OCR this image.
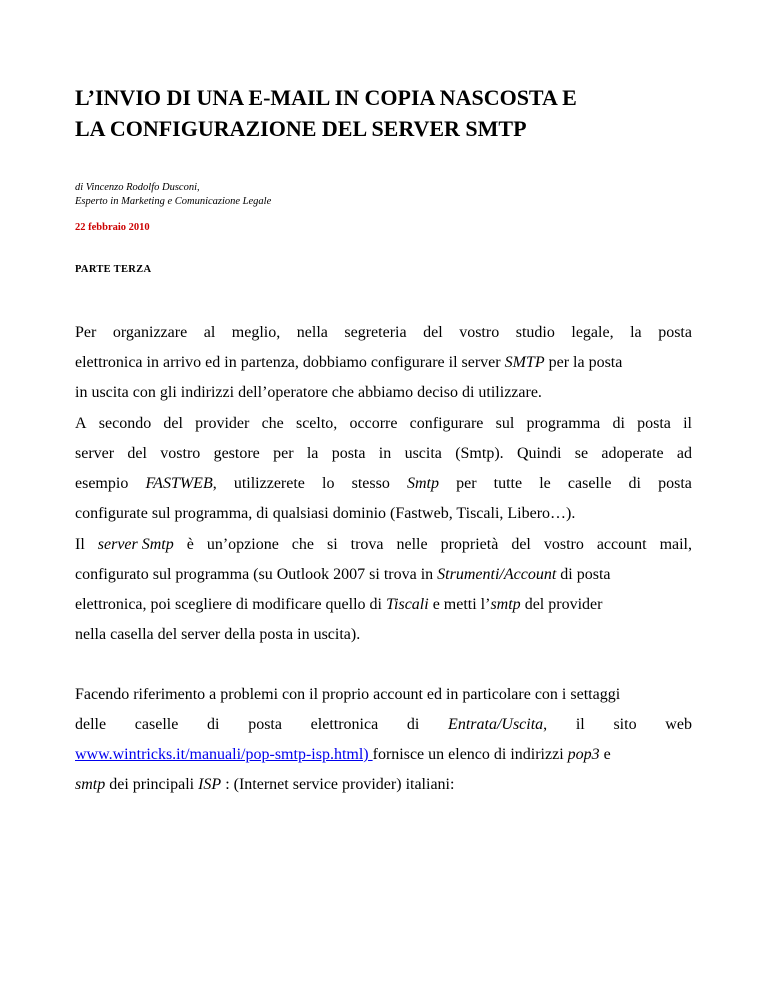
L’INVIO DI UNA E-MAIL IN COPIA NASCOSTA E
LA CONFIGURAZIONE DEL SERVER SMTP
di Vincenzo Rodolfo Dusconi,
Esperto in Marketing e Comunicazione Legale
22 febbraio 2010
PARTE TERZA
Per organizzare al meglio, nella segreteria del vostro studio legale, la posta
elettronica in arrivo ed in partenza, dobbiamo configurare il server SMTP per la posta
in uscita con gli indirizzi dell’operatore che abbiamo deciso di utilizzare.
A secondo del provider che scelto, occorre configurare sul programma di posta il
server del vostro gestore per la posta in uscita (Smtp). Quindi se adoperate ad
esempio FASTWEB, utilizzerete lo stesso Smtp per tutte le caselle di posta
configurate sul programma, di qualsiasi dominio (Fastweb, Tiscali, Libero…).
Il server Smtp è un’opzione che si trova nelle proprietà del vostro account mail,
configurato sul programma (su Outlook 2007 si trova in Strumenti/Account di posta
elettronica, poi scegliere di modificare quello di Tiscali e metti l’smtp del provider
nella casella del server della posta in uscita).
Facendo riferimento a problemi con il proprio account ed in particolare con i settaggi
delle caselle di posta elettronica di Entrata/Uscita, il sito web
www.wintricks.it/manuali/pop-smtp-isp.html) fornisce un elenco di indirizzi pop3 e
smtp dei principali ISP : (Internet service provider) italiani:
